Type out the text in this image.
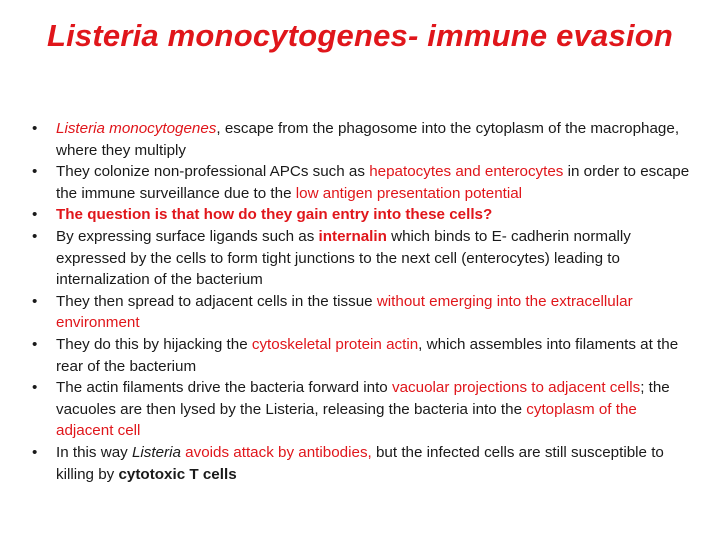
Listeria monocytogenes- immune evasion
•	Listeria monocytogenes, escape from the phagosome into the cytoplasm of the macrophage, where they multiply
•	They colonize non-professional APCs such as hepatocytes and enterocytes in order to escape the immune surveillance due to the low antigen presentation potential
•	The question is that how do they gain entry into these cells?
•	By expressing surface ligands such as internalin which binds to E- cadherin normally expressed by the cells to form tight junctions to the next cell (enterocytes) leading to internalization of the bacterium
•	They then spread to adjacent cells in the tissue without emerging into the extracellular environment
•	They do this by hijacking the cytoskeletal protein actin, which assembles into filaments at the rear of the bacterium
•	The actin filaments drive the bacteria forward into vacuolar projections to adjacent cells; the vacuoles are then lysed by the Listeria, releasing the bacteria into the cytoplasm of the adjacent cell
•	In this way Listeria avoids attack by antibodies, but the infected cells are still susceptible to killing by cytotoxic T cells
